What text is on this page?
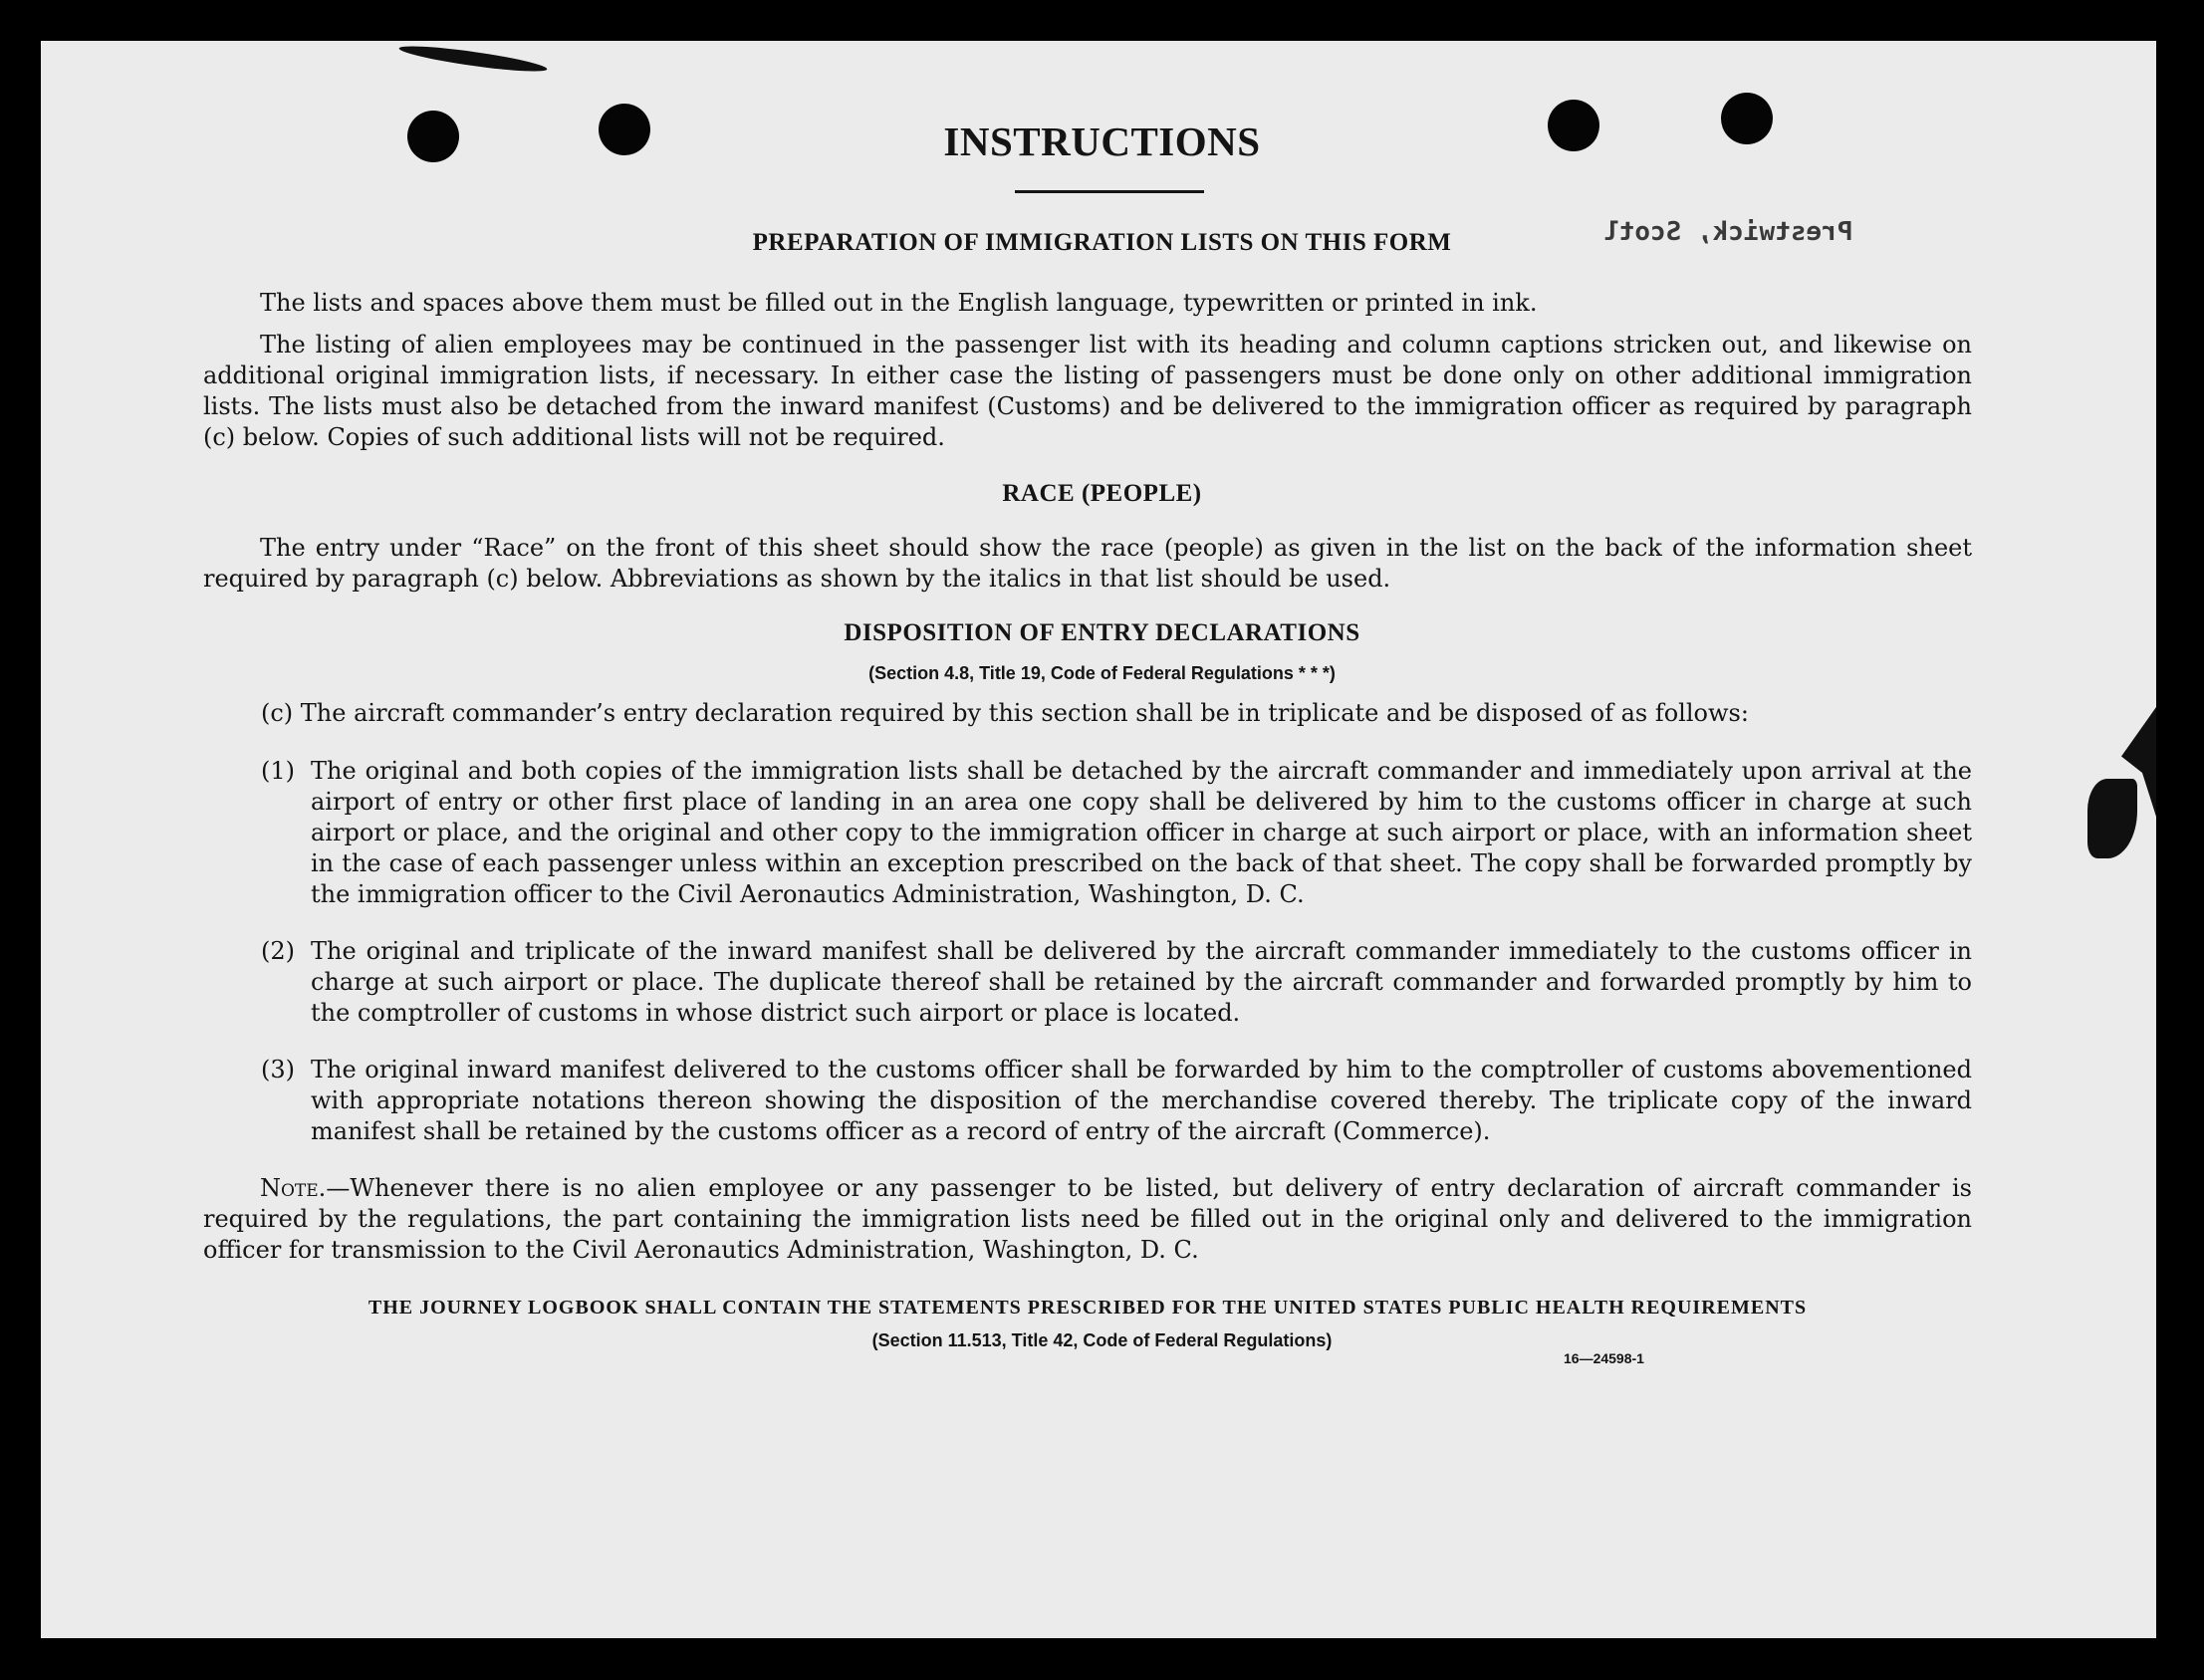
INSTRUCTIONS
Prestwick, Scotl
PREPARATION OF IMMIGRATION LISTS ON THIS FORM
The lists and spaces above them must be filled out in the English language, typewritten or printed in ink.
The listing of alien employees may be continued in the passenger list with its heading and column captions stricken out, and likewise on additional original immigration lists, if necessary. In either case the listing of passengers must be done only on other additional immigration lists. The lists must also be detached from the inward manifest (Customs) and be delivered to the immigration officer as required by paragraph (c) below. Copies of such additional lists will not be required.
RACE (PEOPLE)
The entry under “Race” on the front of this sheet should show the race (people) as given in the list on the back of the information sheet required by paragraph (c) below. Abbreviations as shown by the italics in that list should be used.
DISPOSITION OF ENTRY DECLARATIONS
(Section 4.8, Title 19, Code of Federal Regulations * * *)
(c) The aircraft commander’s entry declaration required by this section shall be in triplicate and be disposed of as follows:
(1) The original and both copies of the immigration lists shall be detached by the aircraft commander and immediately upon arrival at the airport of entry or other first place of landing in an area one copy shall be delivered by him to the customs officer in charge at such airport or place, and the original and other copy to the immigration officer in charge at such airport or place, with an information sheet in the case of each passenger unless within an exception prescribed on the back of that sheet. The copy shall be forwarded promptly by the immigration officer to the Civil Aeronautics Administration, Washington, D. C.
(2) The original and triplicate of the inward manifest shall be delivered by the aircraft commander immediately to the customs officer in charge at such airport or place. The duplicate thereof shall be retained by the aircraft commander and forwarded promptly by him to the comptroller of customs in whose district such airport or place is located.
(3) The original inward manifest delivered to the customs officer shall be forwarded by him to the comptroller of customs abovementioned with appropriate notations thereon showing the disposition of the merchandise covered thereby. The triplicate copy of the inward manifest shall be retained by the customs officer as a record of entry of the aircraft (Commerce).
Note.—Whenever there is no alien employee or any passenger to be listed, but delivery of entry declaration of aircraft commander is required by the regulations, the part containing the immigration lists need be filled out in the original only and delivered to the immigration officer for transmission to the Civil Aeronautics Administration, Washington, D. C.
THE JOURNEY LOGBOOK SHALL CONTAIN THE STATEMENTS PRESCRIBED FOR THE UNITED STATES PUBLIC HEALTH REQUIREMENTS
(Section 11.513, Title 42, Code of Federal Regulations)
16—24598-1
